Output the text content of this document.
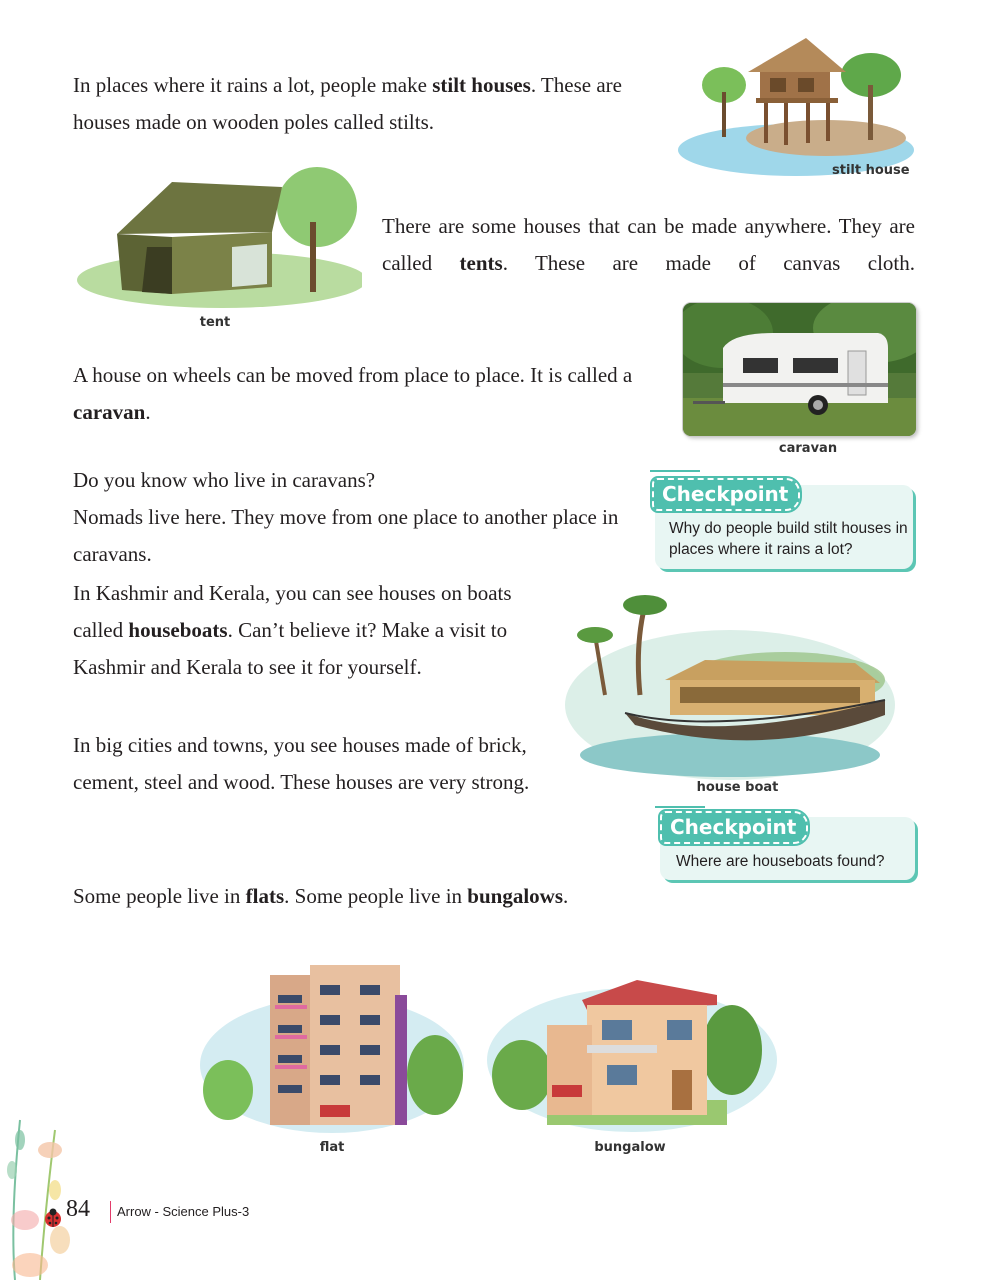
In places where it rains a lot, people make stilt houses. These are houses made on wooden poles called stilts.
stilt house
tent
There are some houses that can be made anywhere. They are called tents. These are made of canvas cloth.
caravan
A house on wheels can be moved from place to place. It is called a caravan.
Do you know who live in caravans?
Nomads live here. They move from one place to another place in caravans.
Checkpoint
Why do people build stilt houses in places where it rains a lot?
In Kashmir and Kerala, you can see houses on boats called houseboats. Can’t believe it? Make a visit to Kashmir and Kerala to see it for yourself.
house boat
In big cities and towns, you see houses made of brick, cement, steel and wood. These houses are very strong.
Checkpoint
Where are houseboats found?
Some people live in flats. Some people live in bungalows.
flat	bungalow
84 Arrow - Science Plus-3
